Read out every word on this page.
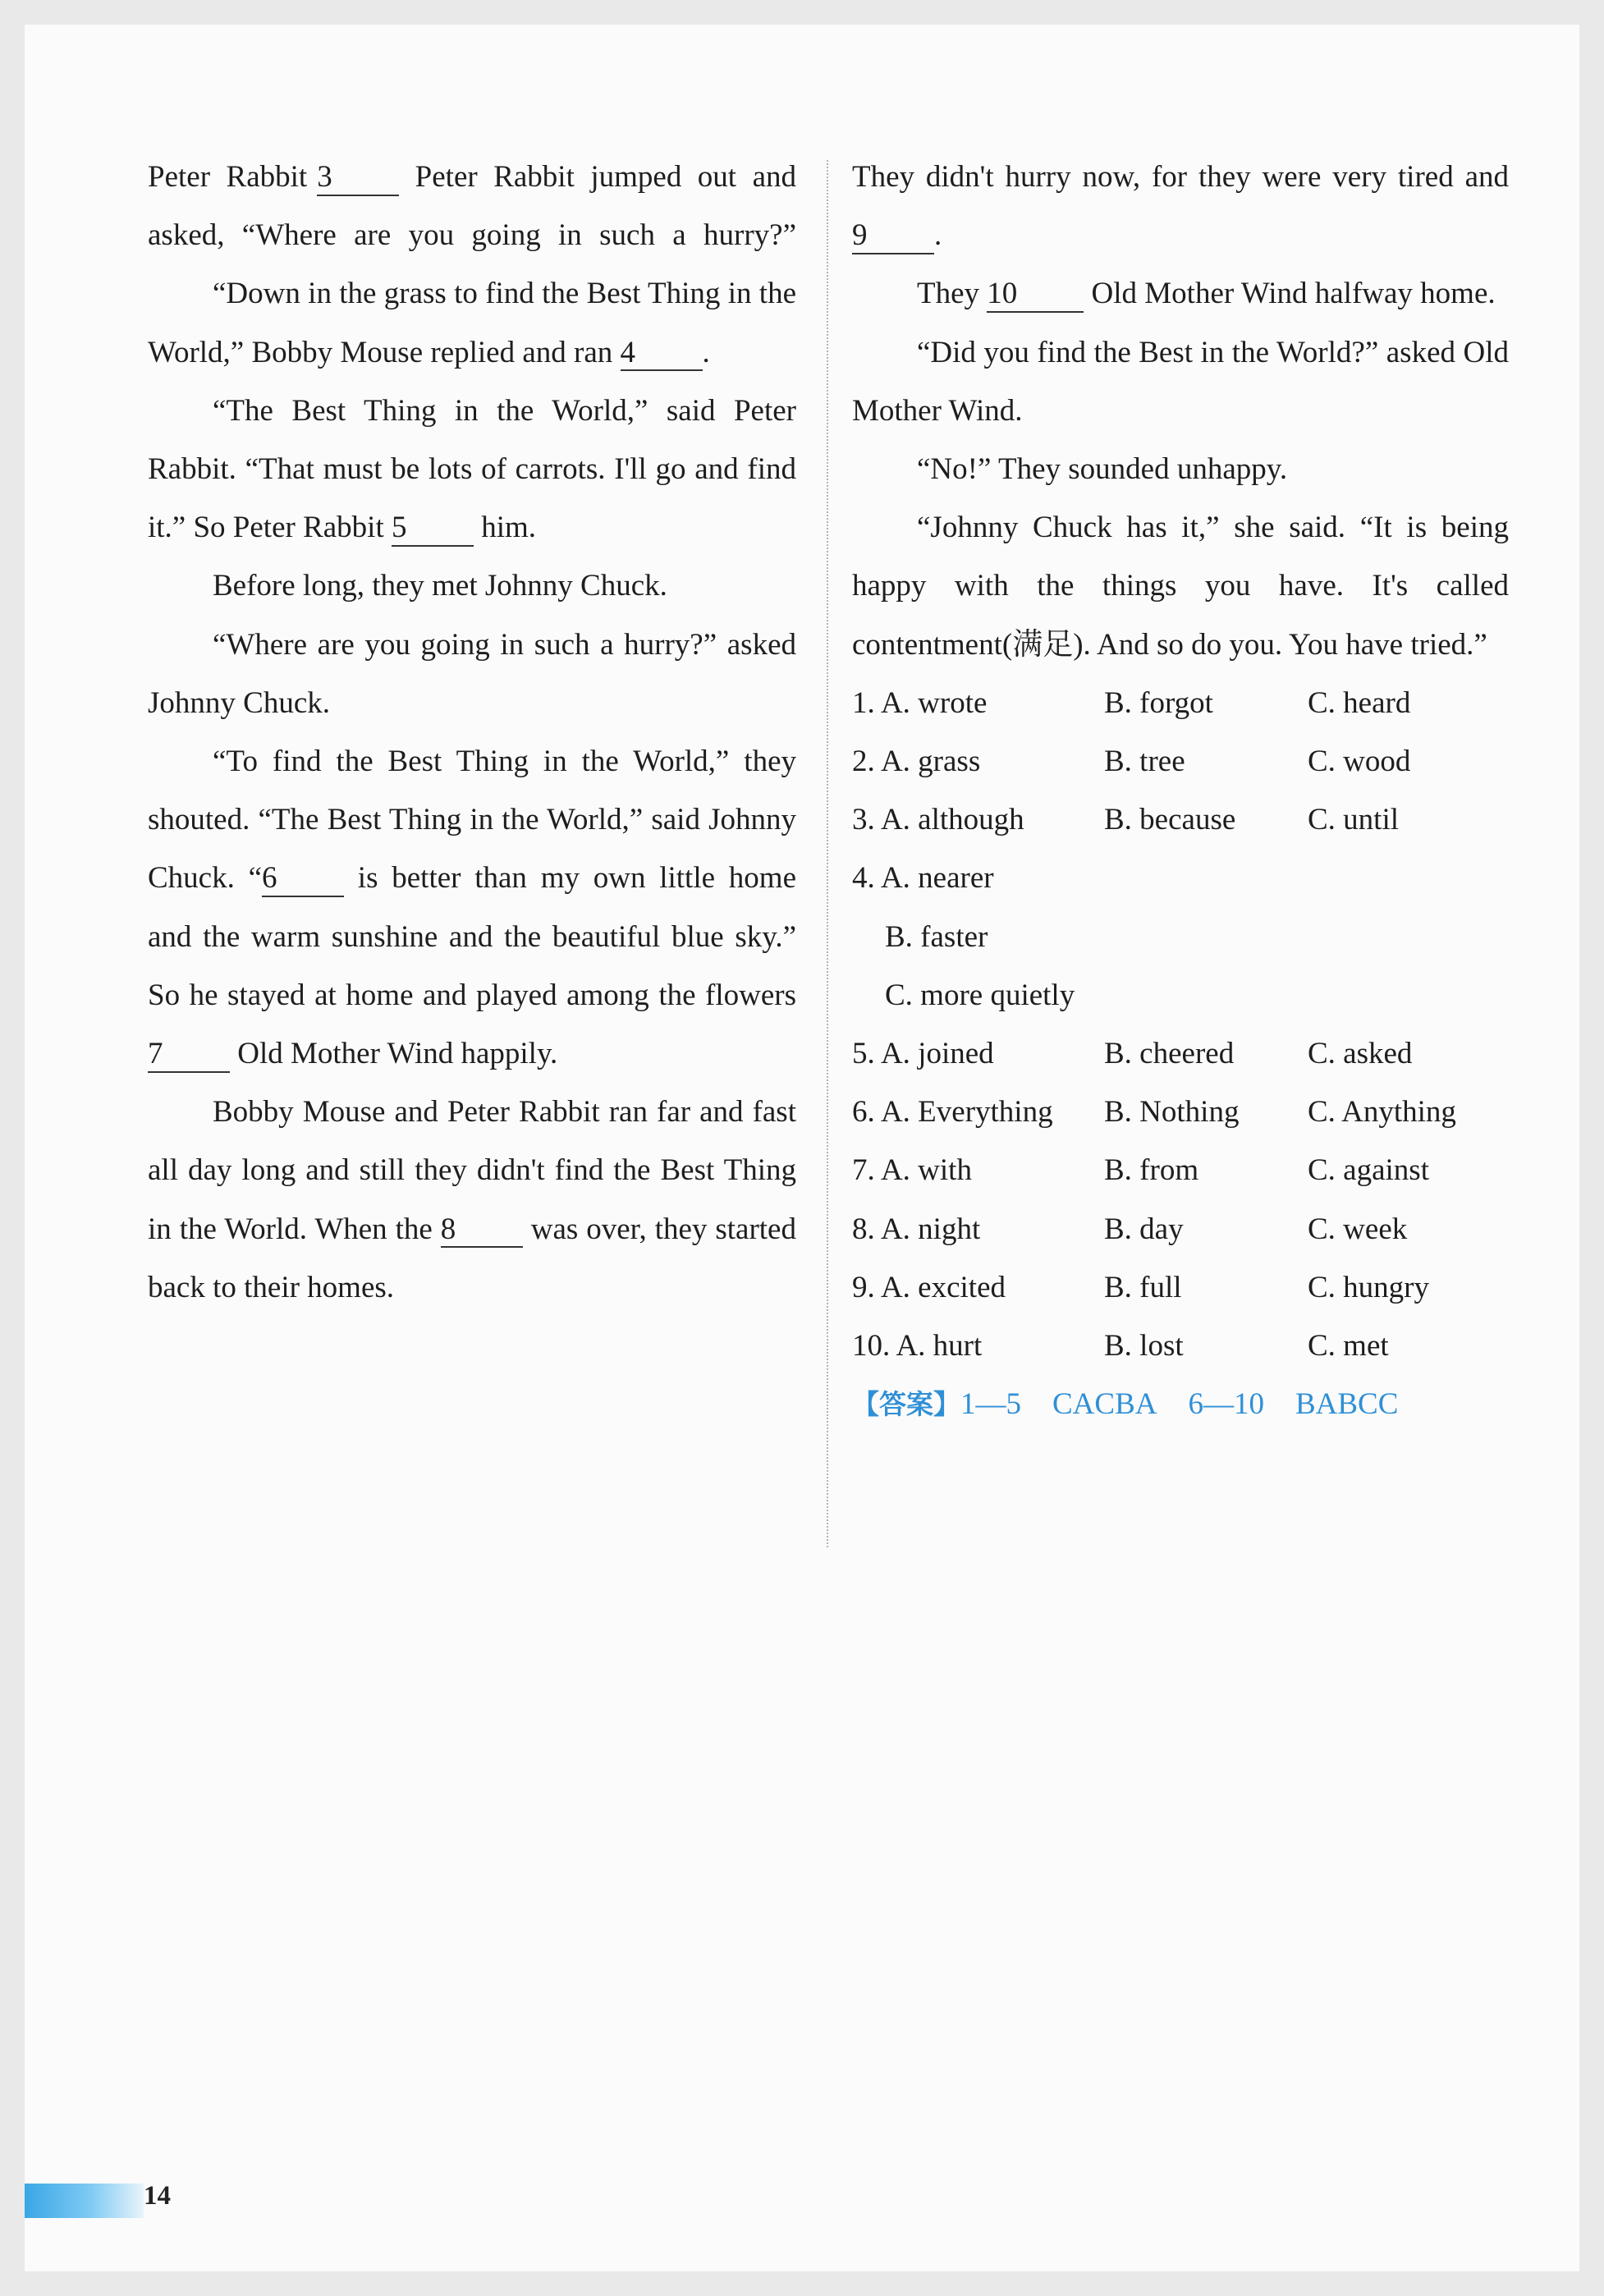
Peter Rabbit 3 Peter Rabbit jumped out and asked, “Where are you going in such a hurry?”

“Down in the grass to find the Best Thing in the World,” Bobby Mouse replied and ran 4 .

“The Best Thing in the World,” said Peter Rabbit. “That must be lots of carrots. I'll go and find it.” So Peter Rabbit 5 him.

Before long, they met Johnny Chuck.

“Where are you going in such a hurry?” asked Johnny Chuck.

“To find the Best Thing in the World,” they shouted. “The Best Thing in the World,” said Johnny Chuck. “6 is better than my own little home and the warm sunshine and the beautiful blue sky.” So he stayed at home and played among the flowers 7 Old Mother Wind happily.

Bobby Mouse and Peter Rabbit ran far and fast all day long and still they didn't find the Best Thing in the World. When the 8 was over, they started back to their homes.

They didn't hurry now, for they were very tired and 9 .

They 10 Old Mother Wind halfway home.

“Did you find the Best in the World?” asked Old Mother Wind.

“No!” They sounded unhappy.

“Johnny Chuck has it,” she said. “It is being happy with the things you have. It's called contentment(满足). And so do you. You have tried.”

1. A. wrote	B. forgot	C. heard
2. A. grass	B. tree	C. wood
3. A. although	B. because	C. until
4. A. nearer
B. faster
C. more quietly
5. A. joined	B. cheered	C. asked
6. A. Everything	B. Nothing	C. Anything
7. A. with	B. from	C. against
8. A. night	B. day	C. week
9. A. excited	B. full	C. hungry
10. A. hurt	B. lost	C. met
【答案】1—5 CACBA 6—10 BABCC
14
